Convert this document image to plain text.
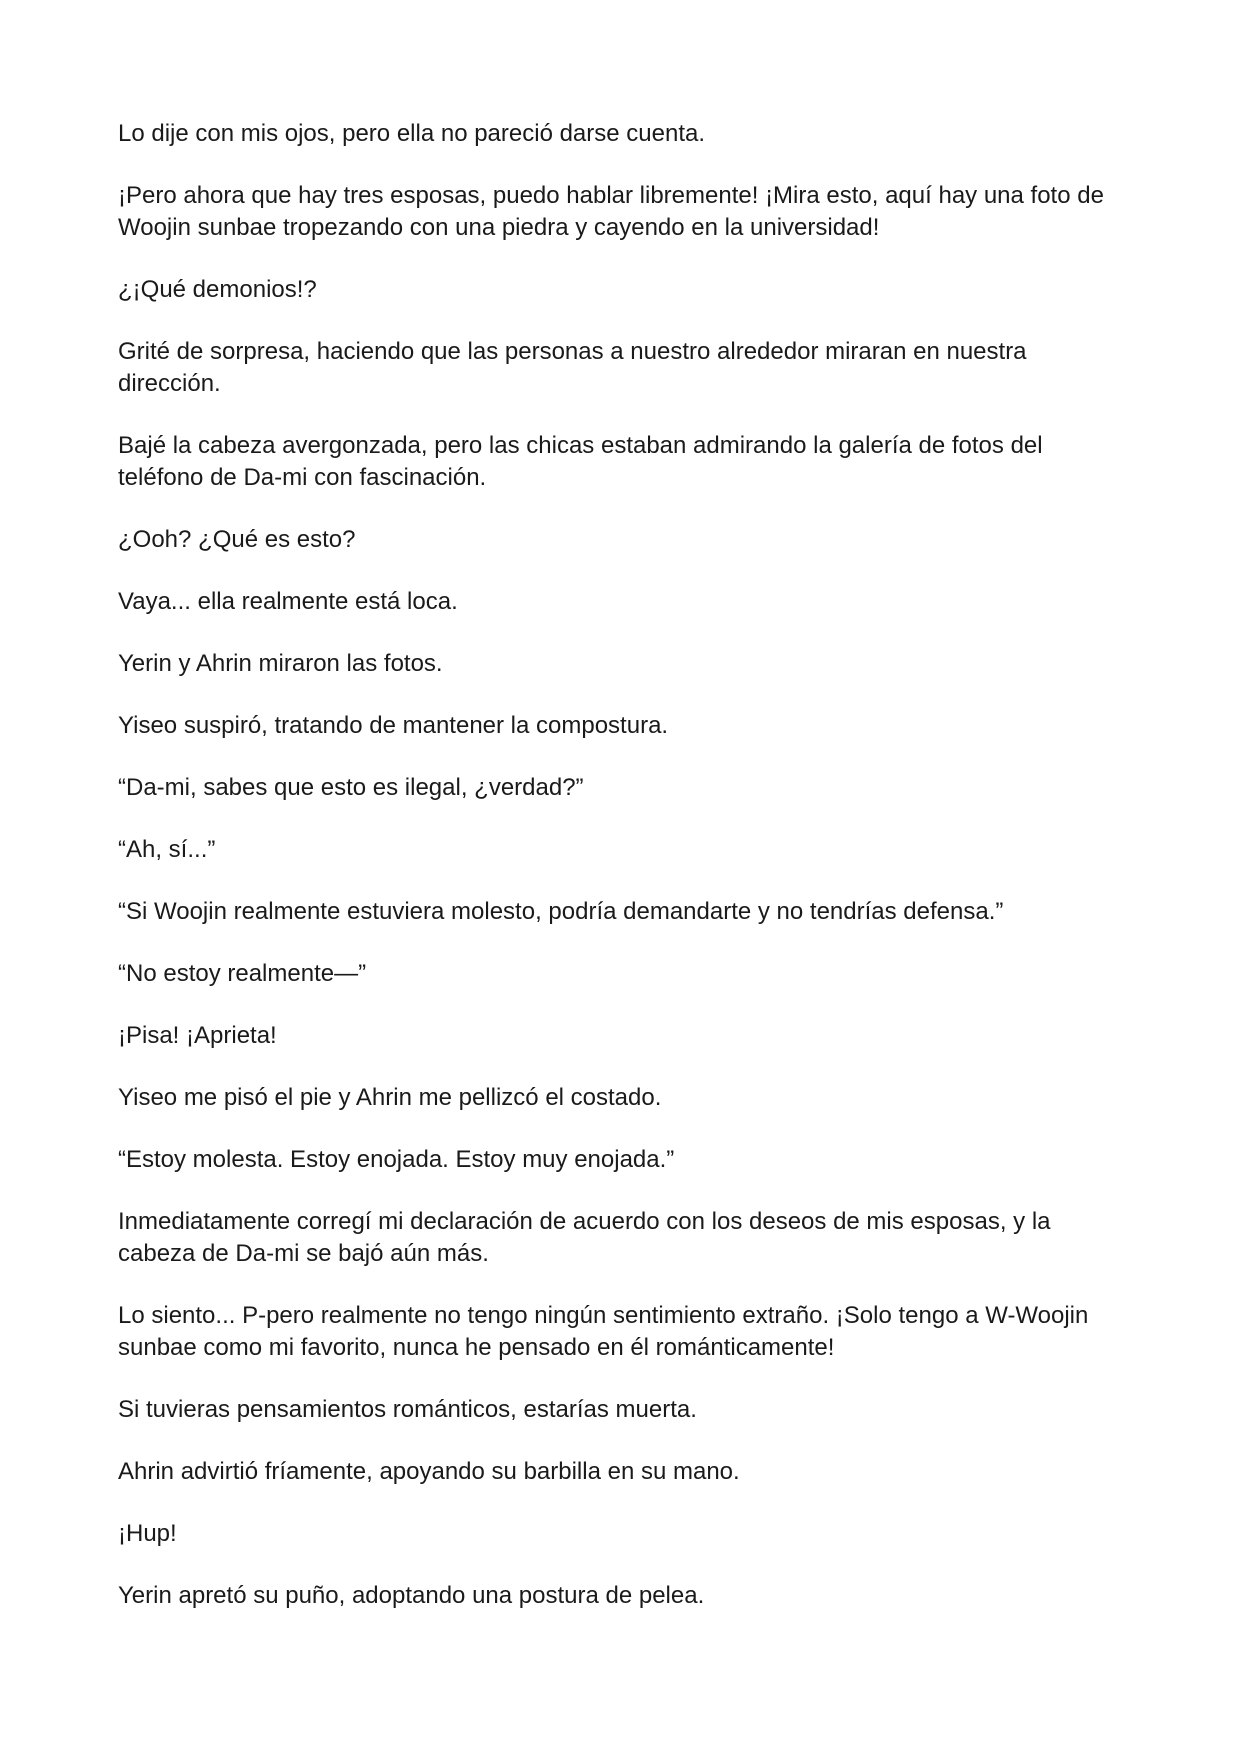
Lo dije con mis ojos, pero ella no pareció darse cuenta.

¡Pero ahora que hay tres esposas, puedo hablar libremente! ¡Mira esto, aquí hay una foto de Woojin sunbae tropezando con una piedra y cayendo en la universidad!

¿¡Qué demonios!?

Grité de sorpresa, haciendo que las personas a nuestro alrededor miraran en nuestra dirección.

Bajé la cabeza avergonzada, pero las chicas estaban admirando la galería de fotos del teléfono de Da-mi con fascinación.

¿Ooh? ¿Qué es esto?

Vaya... ella realmente está loca.

Yerin y Ahrin miraron las fotos.

Yiseo suspiró, tratando de mantener la compostura.

“Da-mi, sabes que esto es ilegal, ¿verdad?”

“Ah, sí...”

“Si Woojin realmente estuviera molesto, podría demandarte y no tendrías defensa.”

“No estoy realmente—”

¡Pisa! ¡Aprieta!

Yiseo me pisó el pie y Ahrin me pellizcó el costado.

“Estoy molesta. Estoy enojada. Estoy muy enojada.”

Inmediatamente corregí mi declaración de acuerdo con los deseos de mis esposas, y la cabeza de Da-mi se bajó aún más.

Lo siento... P-pero realmente no tengo ningún sentimiento extraño. ¡Solo tengo a W-Woojin sunbae como mi favorito, nunca he pensado en él románticamente!

Si tuvieras pensamientos románticos, estarías muerta.

Ahrin advirtió fríamente, apoyando su barbilla en su mano.

¡Hup!

Yerin apretó su puño, adoptando una postura de pelea.
